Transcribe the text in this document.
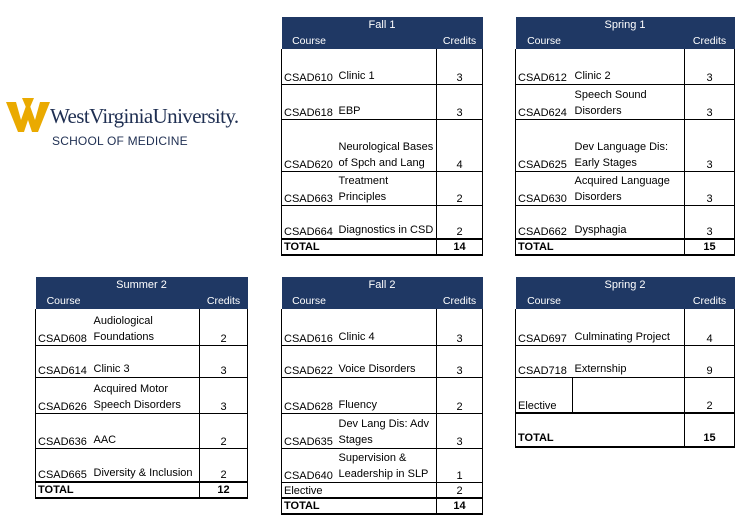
WestVirginiaUniversity.
SCHOOL OF MEDICINE
Fall 1		
Course		Credits
CSAD610	Clinic 1	3
CSAD618	EBP	3
CSAD620	Neurological Bases of Spch and Lang	4
CSAD663	Treatment Principles	2
CSAD664	Diagnostics in CSD	2
TOTAL		14
Spring 1		
Course		Credits
CSAD612	Clinic 2	3
CSAD624	Speech Sound Disorders	3
CSAD625	Dev Language Dis: Early Stages	3
CSAD630	Acquired Language Disorders	3
CSAD662	Dysphagia	3
TOTAL		15
Summer 2		
Course		Credits
CSAD608	Audiological Foundations	2
CSAD614	Clinic 3	3
CSAD626	Acquired Motor Speech Disorders	3
CSAD636	AAC	2
CSAD665	Diversity & Inclusion	2
TOTAL		12
Fall 2		
Course		Credits
CSAD616	Clinic 4	3
CSAD622	Voice Disorders	3
CSAD628	Fluency	2
CSAD635	Dev Lang Dis: Adv Stages	3
CSAD640	Supervision & Leadership in SLP	1
Elective		2
TOTAL		14
Spring 2		
Course		Credits
CSAD697	Culminating Project	4
CSAD718	Externship	9
Elective		2
TOTAL		15
